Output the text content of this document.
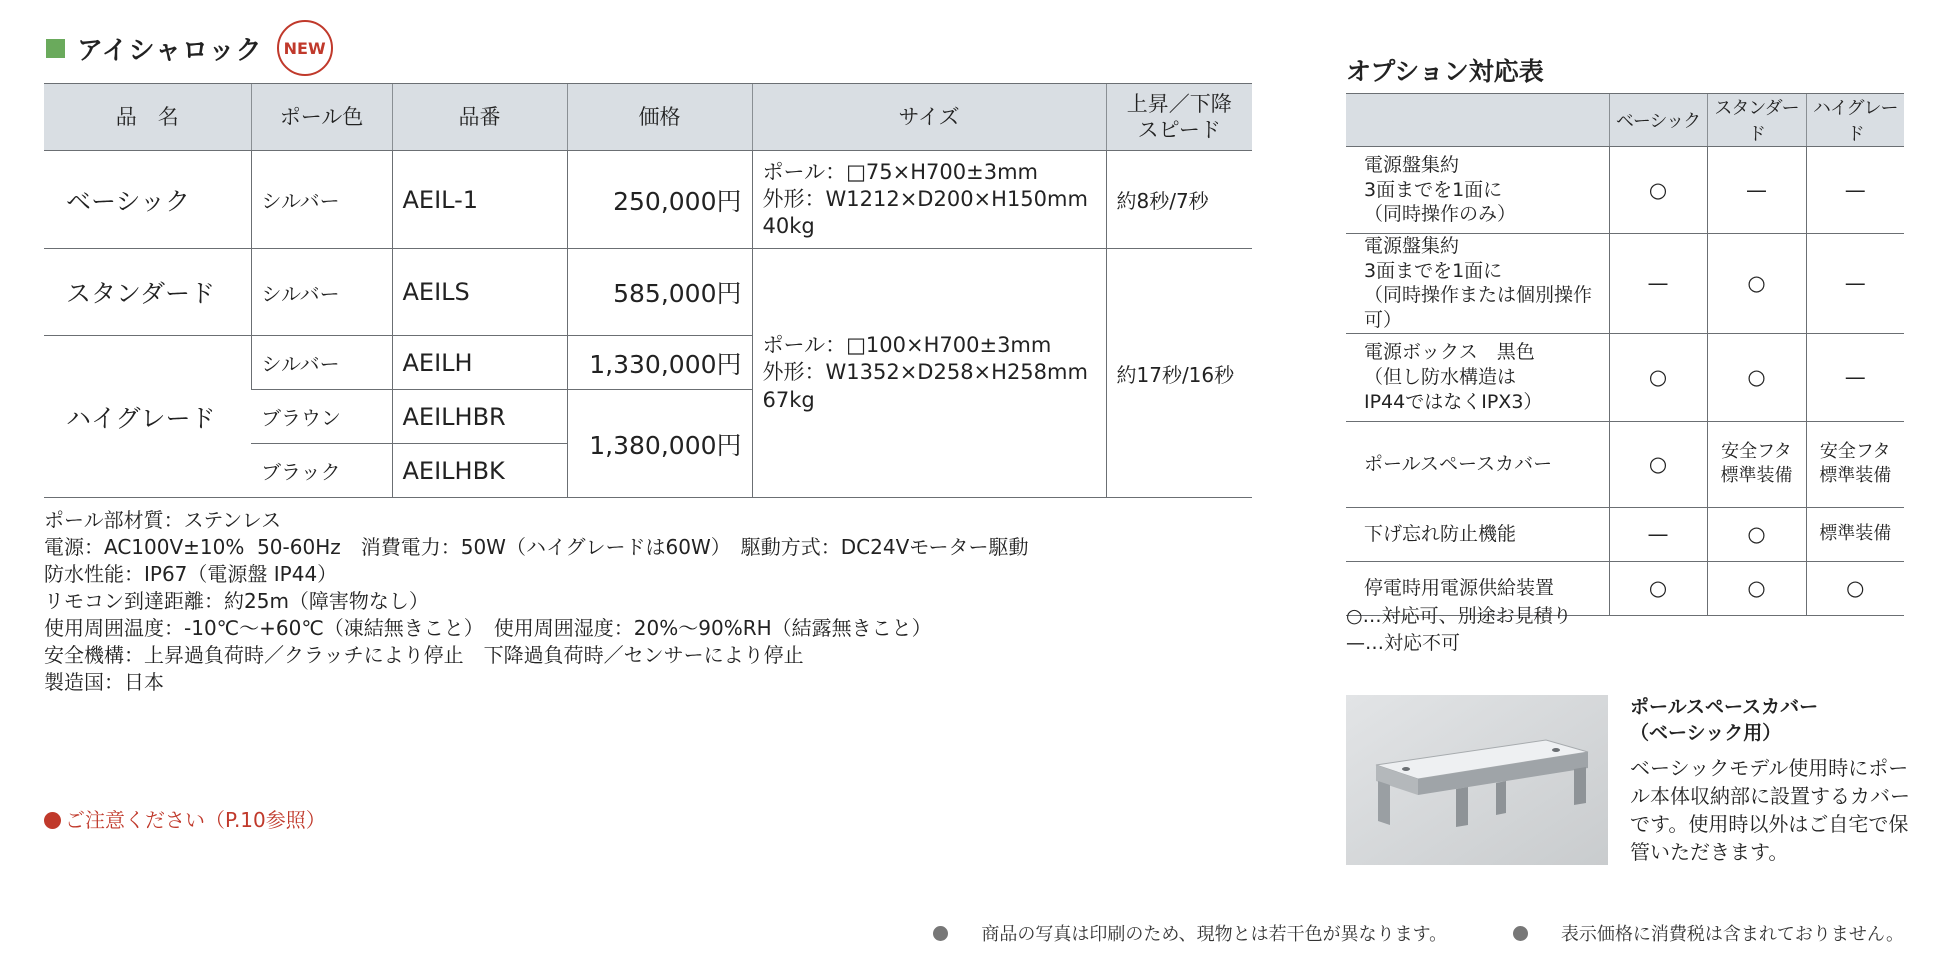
アイシャロック	NEW
品　名	ポール色	品番	価格	サイズ	上昇／下降
スピード
ベーシック	シルバー	AEIL-1	250,000円	ポール：□75×H700±3mm
外形：W1212×D200×H150mm
40kg	約8秒/7秒
スタンダード	シルバー	AEILS	585,000円	ポール：□100×H700±3mm
外形：W1352×D258×H258mm
67kg	約17秒/16秒
ハイグレード	シルバー	AEILH	1,330,000円		
	ブラウン	AEILHBR	1,380,000円		
	ブラック	AEILHBK			
ポール部材質：ステンレス
電源：AC100V±10%  50-60Hz　消費電力：50W（ハイグレードは60W）　駆動方式：DC24Vモーター駆動
防水性能：IP67（電源盤 IP44）
リモコン到達距離：約25m（障害物なし）
使用周囲温度：-10℃～+60℃（凍結無きこと）　使用周囲湿度：20%～90%RH（結露無きこと）
安全機構：上昇過負荷時／クラッチにより停止　下降過負荷時／センサーにより停止
製造国：日本
ご注意ください（P.10参照）
オプション対応表
	ベーシック	スタンダード	ハイグレード
電源盤集約
3面までを1面に
（同時操作のみ）	○	—	—
電源盤集約
3面までを1面に
（同時操作または個別操作可）	—	○	—
電源ボックス　黒色
（但し防水構造は
IP44ではなくIPX3）	○	○	—
ポールスペースカバー	○	安全フタ
標準装備	安全フタ
標準装備
下げ忘れ防止機能	—	○	標準装備
停電時用電源供給装置	○	○	○
○…対応可、別途お見積り
—…対応不可
ポールスペースカバー
（ベーシック用）
ベーシックモデル使用時にポール本体収納部に設置するカバーです。使用時以外はご自宅で保管いただきます。
商品の写真は印刷のため、現物とは若干色が異なります。	表示価格に消費税は含まれておりません。
